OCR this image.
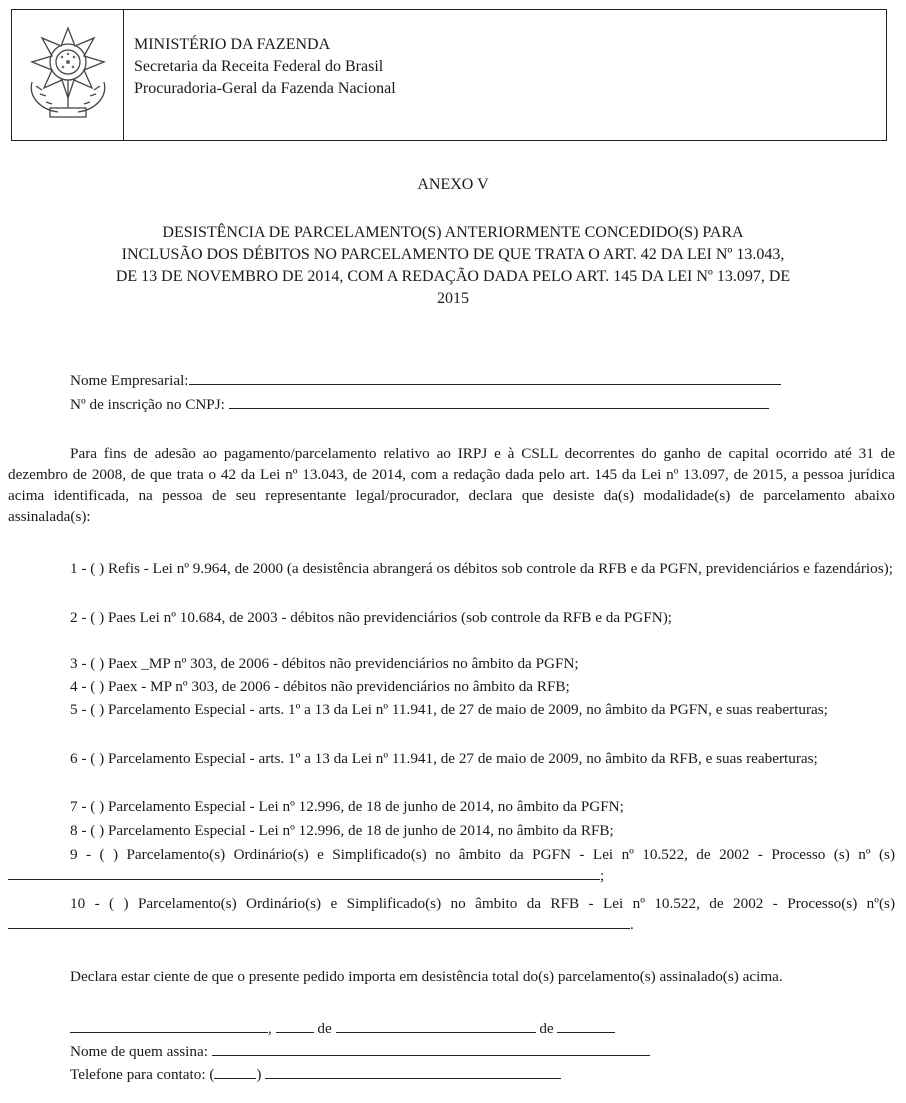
MINISTÉRIO DA FAZENDA
Secretaria da Receita Federal do Brasil
Procuradoria-Geral da Fazenda Nacional
ANEXO V
DESISTÊNCIA DE PARCELAMENTO(S) ANTERIORMENTE CONCEDIDO(S) PARA
INCLUSÃO DOS DÉBITOS NO PARCELAMENTO DE QUE TRATA O ART. 42 DA LEI Nº 13.043,
DE 13 DE NOVEMBRO DE 2014, COM A REDAÇÃO DADA PELO ART. 145 DA LEI Nº 13.097, DE
2015
Nome Empresarial:
Nº de inscrição no CNPJ:
Para fins de adesão ao pagamento/parcelamento relativo ao IRPJ e à CSLL decorrentes do ganho de capital ocorrido até 31 de dezembro de 2008, de que trata o 42 da Lei nº 13.043, de 2014, com a redação dada pelo art. 145 da Lei nº 13.097, de 2015, a pessoa jurídica acima identificada, na pessoa de seu representante legal/procurador, declara que desiste da(s) modalidade(s) de parcelamento abaixo assinalada(s):
1 - ( ) Refis - Lei nº 9.964, de 2000 (a desistência abrangerá os débitos sob controle da RFB e da PGFN, previdenciários e fazendários);
2 - ( ) Paes Lei nº 10.684, de 2003 - débitos não previdenciários (sob controle da RFB e da PGFN);
3 - ( ) Paex _MP nº 303, de 2006 - débitos não previdenciários no âmbito da PGFN;
4 - ( ) Paex - MP nº 303, de 2006 - débitos não previdenciários no âmbito da RFB;
5 - ( ) Parcelamento Especial - arts. 1º a 13 da Lei nº 11.941, de 27 de maio de 2009, no âmbito da PGFN, e suas reaberturas;
6 - ( ) Parcelamento Especial - arts. 1º a 13 da Lei nº 11.941, de 27 de maio de 2009, no âmbito da RFB, e suas reaberturas;
7 - ( ) Parcelamento Especial - Lei nº 12.996, de 18 de junho de 2014, no âmbito da PGFN;
8 - ( ) Parcelamento Especial - Lei nº 12.996, de 18 de junho de 2014, no âmbito da RFB;
9 - ( ) Parcelamento(s) Ordinário(s) e Simplificado(s) no âmbito da PGFN - Lei nº 10.522, de 2002 - Processo (s) nº (s);
10 - ( ) Parcelamento(s) Ordinário(s) e Simplificado(s) no âmbito da RFB - Lei nº 10.522, de 2002 - Processo(s) nº(s).
Declara estar ciente de que o presente pedido importa em desistência total do(s) parcelamento(s) assinalado(s) acima.
,	de	de
Nome de quem assina:
Telefone para contato: (	)
